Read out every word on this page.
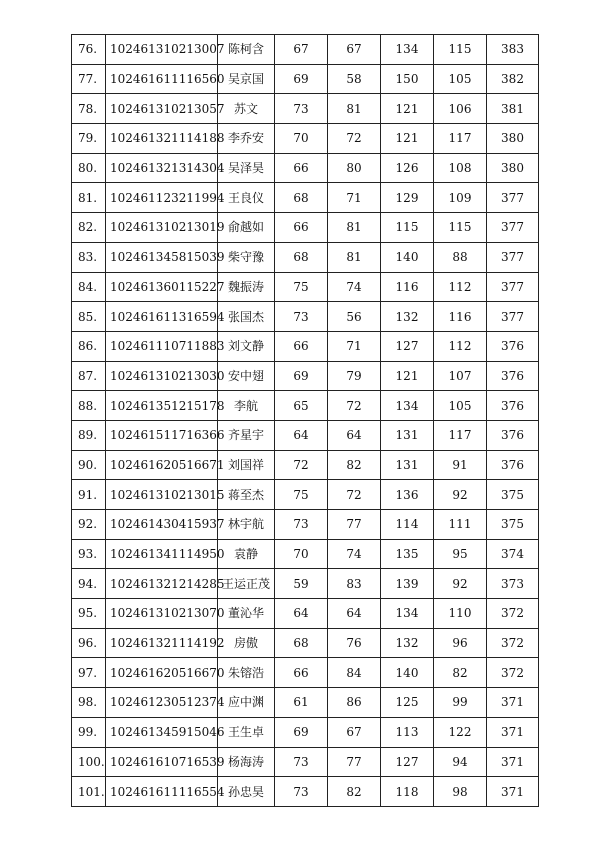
76.	102461310213007	陈柯含	67	67	134	115	383
77.	102461611116560	吴京国	69	58	150	105	382
78.	102461310213057	苏文	73	81	121	106	381
79.	102461321114188	李乔安	70	72	121	117	380
80.	102461321314304	吴泽昊	66	80	126	108	380
81.	102461123211994	王良仪	68	71	129	109	377
82.	102461310213019	俞越如	66	81	115	115	377
83.	102461345815039	柴守豫	68	81	140	88	377
84.	102461360115227	魏振涛	75	74	116	112	377
85.	102461611316594	张国杰	73	56	132	116	377
86.	102461110711883	刘文静	66	71	127	112	376
87.	102461310213030	安中翅	69	79	121	107	376
88.	102461351215178	李航	65	72	134	105	376
89.	102461511716366	齐星宇	64	64	131	117	376
90.	102461620516671	刘国祥	72	82	131	91	376
91.	102461310213015	蒋至杰	75	72	136	92	375
92.	102461430415937	林宇航	73	77	114	111	375
93.	102461341114950	袁静	70	74	135	95	374
94.	102461321214285	王运正茂	59	83	139	92	373
95.	102461310213070	董沁华	64	64	134	110	372
96.	102461321114192	房傲	68	76	132	96	372
97.	102461620516670	朱镕浩	66	84	140	82	372
98.	102461230512374	应中渊	61	86	125	99	371
99.	102461345915046	王生卓	69	67	113	122	371
100.	102461610716539	杨海涛	73	77	127	94	371
101.	102461611116554	孙忠昊	73	82	118	98	371
